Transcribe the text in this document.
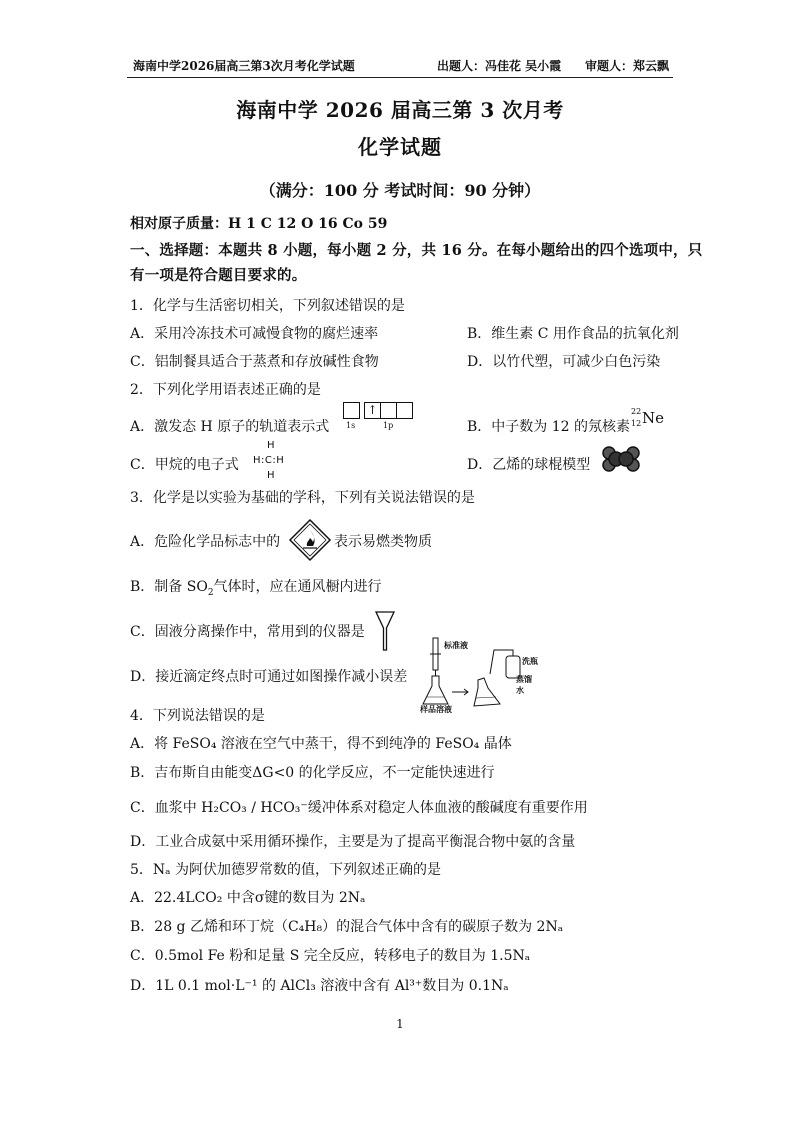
海南中学2026届高三第3次月考化学试题	出题人：冯佳花 吴小霞 审题人：郑云飘
海南中学 2026 届高三第 3 次月考
化学试题
（满分：100 分 考试时间：90 分钟）
相对原子质量：H 1 C 12 O 16 Co 59
一、选择题：本题共 8 小题，每小题 2 分，共 16 分。在每小题给出的四个选项中，只
有一项是符合题目要求的。
1．化学与生活密切相关，下列叙述错误的是
A．采用冷冻技术可减慢食物的腐烂速率	B．维生素 C 用作食品的抗氧化剂
C．铝制餐具适合于蒸煮和存放碱性食物	D．以竹代塑，可减少白色污染
2．下列化学用语表述正确的是
A．激发态 H 原子的轨道表示式
↑
1s	1p	B．中子数为 12 的氖核素
22
12 Ne
C．甲烷的电子式
H
H:C:H
H
D．乙烯的球棍模型
3．化学是以实验为基础的学科，下列有关说法错误的是
A．危险化学品标志中的	表示易燃类物质
B．制备 $SO_2$气体时，应在通风橱内进行
C．固液分离操作中，常用到的仪器是
D．接近滴定终点时可通过如图操作减小误差
标准液
样品溶液
洗瓶
蒸馏水
4．下列说法错误的是
A．将 FeSO₄ 溶液在空气中蒸干，得不到纯净的 FeSO₄ 晶体
B．吉布斯自由能变ΔG<0 的化学反应，不一定能快速进行
C．血浆中 H₂CO₃ / HCO₃⁻缓冲体系对稳定人体血液的酸碱度有重要作用
D．工业合成氨中采用循环操作，主要是为了提高平衡混合物中氨的含量
5．Nₐ 为阿伏加德罗常数的值，下列叙述正确的是
A．22.4LCO₂ 中含σ键的数目为 2Nₐ
B．28 g 乙烯和环丁烷（C₄H₈）的混合气体中含有的碳原子数为 2Nₐ
C．0.5mol Fe 粉和足量 S 完全反应，转移电子的数目为 1.5Nₐ
D．1L 0.1 mol·L⁻¹ 的 AlCl₃ 溶液中含有 Al³⁺数目为 0.1Nₐ
1
